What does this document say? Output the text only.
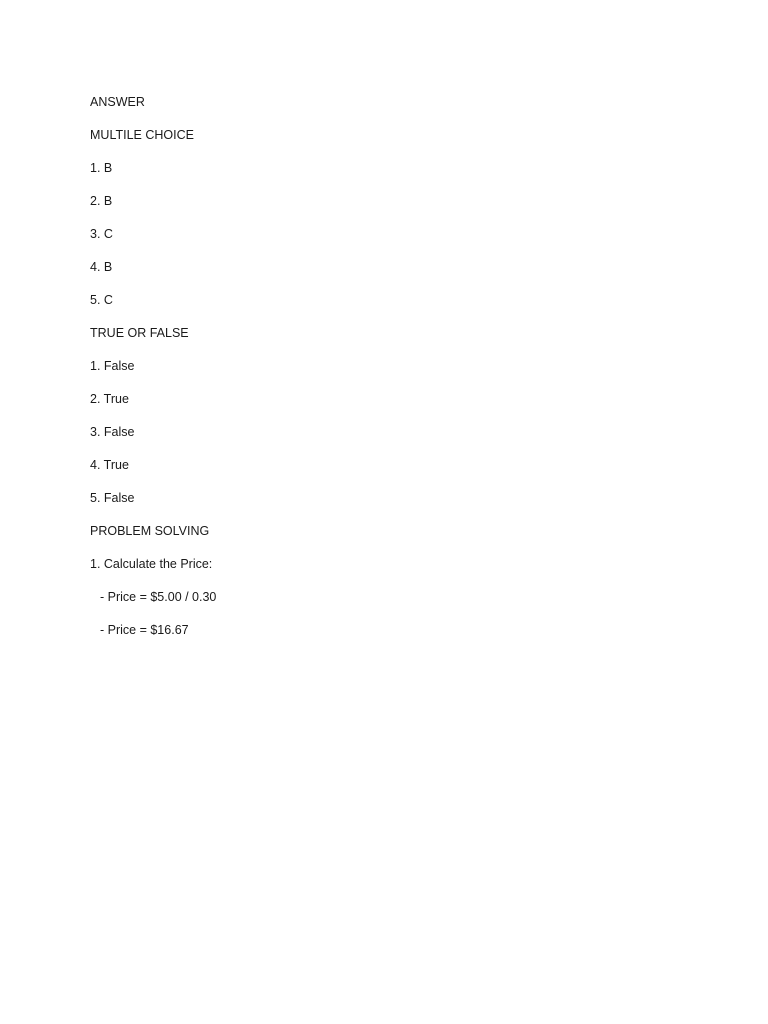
ANSWER
MULTILE CHOICE
1. B
2. B
3. C
4. B
5. C
TRUE OR FALSE
1. False
2. True
3. False
4. True
5. False
PROBLEM SOLVING
1. Calculate the Price:
- Price = $5.00 / 0.30
- Price = $16.67
